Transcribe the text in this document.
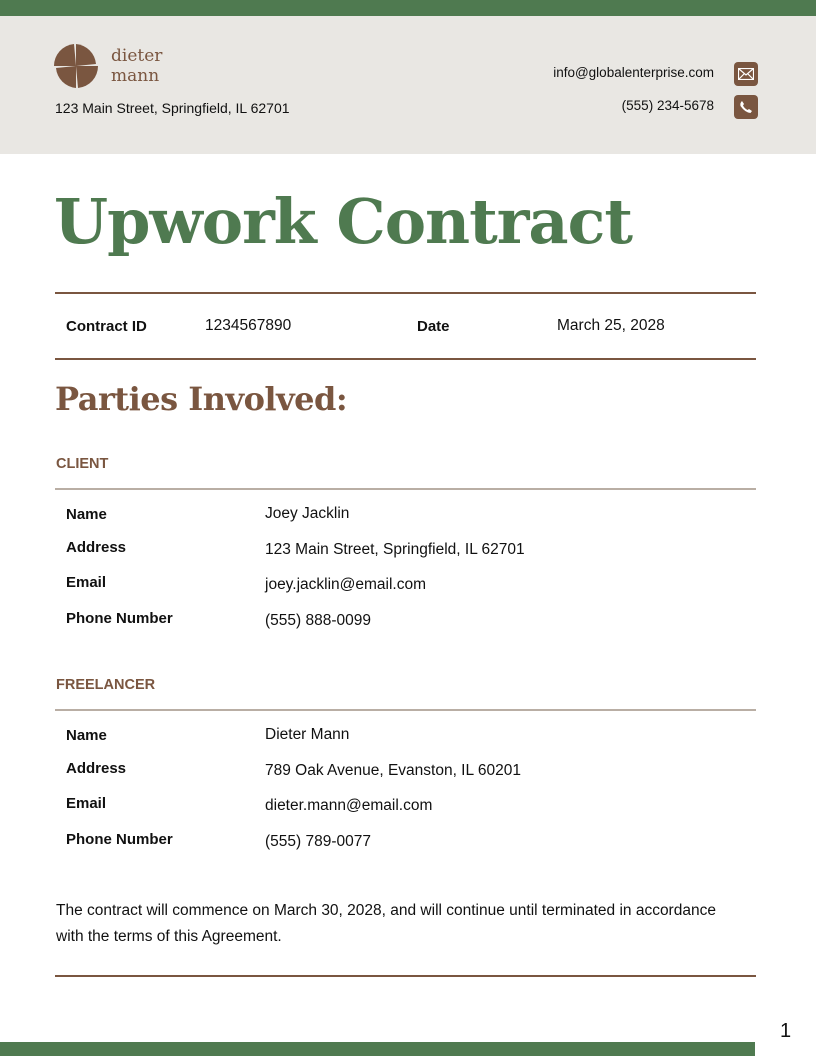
dieter
mann
123 Main Street, Springfield, IL 62701
info@globalenterprise.com
(555) 234-5678
Upwork Contract
Contract ID	1234567890	Date	March 25, 2028
Parties Involved:
CLIENT
Name	Joey Jacklin
Address	123 Main Street, Springfield, IL 62701
Email	joey.jacklin@email.com
Phone Number	(555) 888-0099
FREELANCER
Name	Dieter Mann
Address	789 Oak Avenue, Evanston, IL 60201
Email	dieter.mann@email.com
Phone Number	(555) 789-0077
The contract will commence on March 30, 2028, and will continue until terminated in accordance with the terms of this Agreement.
1
